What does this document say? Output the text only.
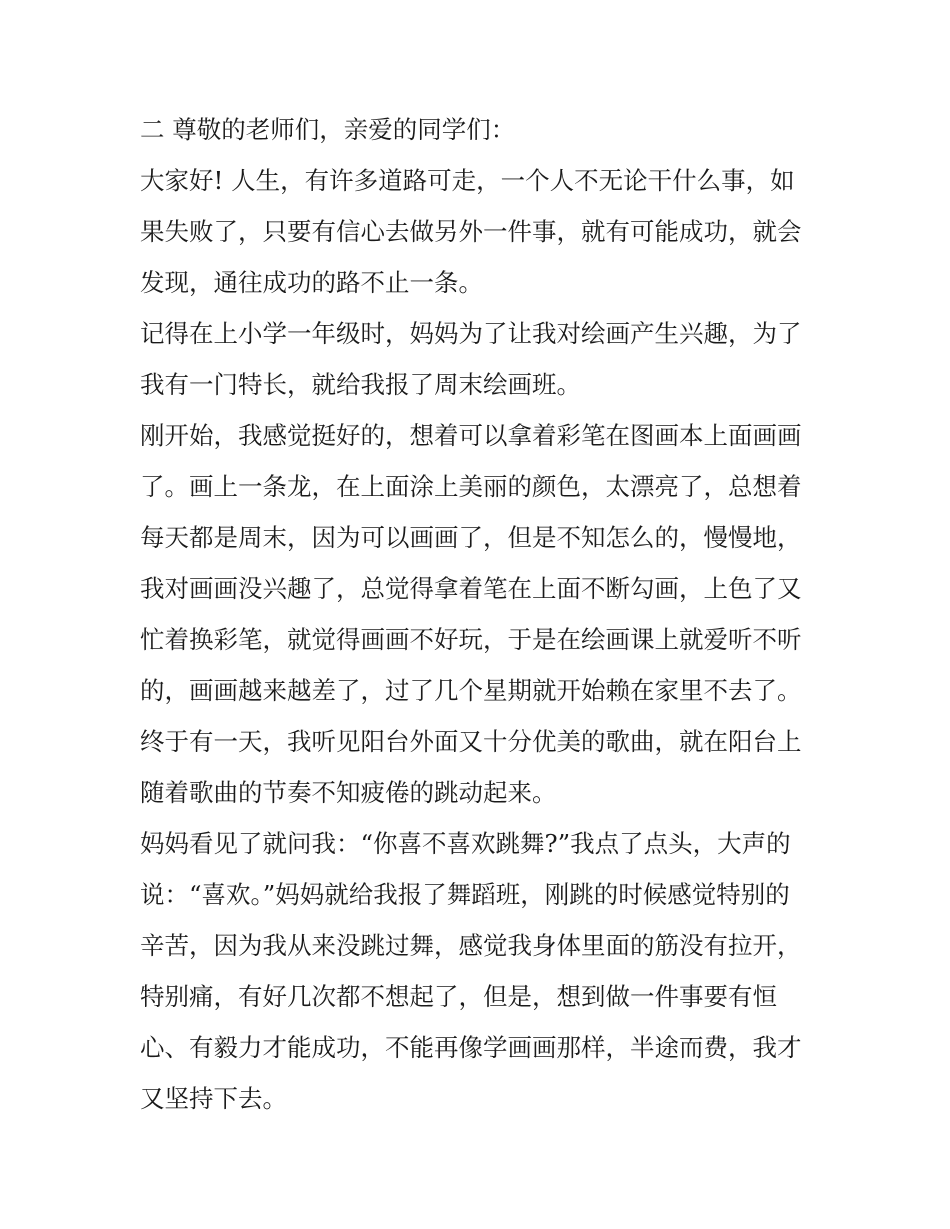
二 尊敬的老师们，亲爱的同学们：
大家好! 人生，有许多道路可走，一个人不无论干什么事，如
果失败了，只要有信心去做另外一件事，就有可能成功，就会
发现，通往成功的路不止一条。
记得在上小学一年级时，妈妈为了让我对绘画产生兴趣，为了
我有一门特长，就给我报了周末绘画班。
刚开始，我感觉挺好的，想着可以拿着彩笔在图画本上面画画
了。画上一条龙，在上面涂上美丽的颜色，太漂亮了，总想着
每天都是周末，因为可以画画了，但是不知怎么的，慢慢地，
我对画画没兴趣了，总觉得拿着笔在上面不断勾画，上色了又
忙着换彩笔，就觉得画画不好玩，于是在绘画课上就爱听不听
的，画画越来越差了，过了几个星期就开始赖在家里不去了。
终于有一天，我听见阳台外面又十分优美的歌曲，就在阳台上
随着歌曲的节奏不知疲倦的跳动起来。
妈妈看见了就问我：“你喜不喜欢跳舞?”我点了点头，大声的
说：“喜欢。”妈妈就给我报了舞蹈班，刚跳的时候感觉特别的
辛苦，因为我从来没跳过舞，感觉我身体里面的筋没有拉开，
特别痛，有好几次都不想起了，但是，想到做一件事要有恒
心、有毅力才能成功，不能再像学画画那样，半途而费，我才
又坚持下去。
